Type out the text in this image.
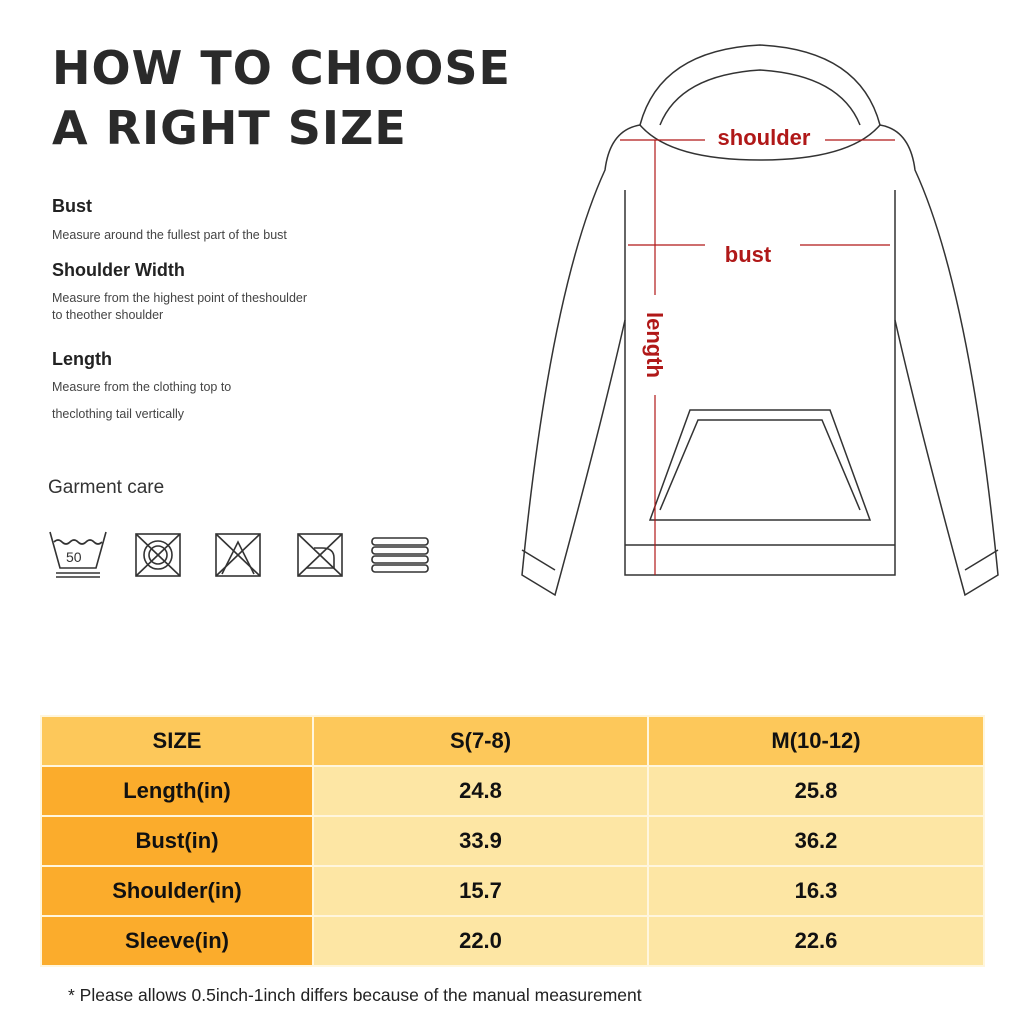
HOW TO CHOOSE
A RIGHT SIZE
Bust
Measure around the fullest part of the bust
Shoulder Width
Measure from the highest point of theshoulder
to theother shoulder
Length
Measure from the clothing top to
theclothing tail vertically
Garment care
50
shoulder
bust
length
SIZE	S(7-8)	M(10-12)
Length(in)	24.8	25.8
Bust(in)	33.9	36.2
Shoulder(in)	15.7	16.3
Sleeve(in)	22.0	22.6
* Please allows 0.5inch-1inch differs because of the manual measurement
